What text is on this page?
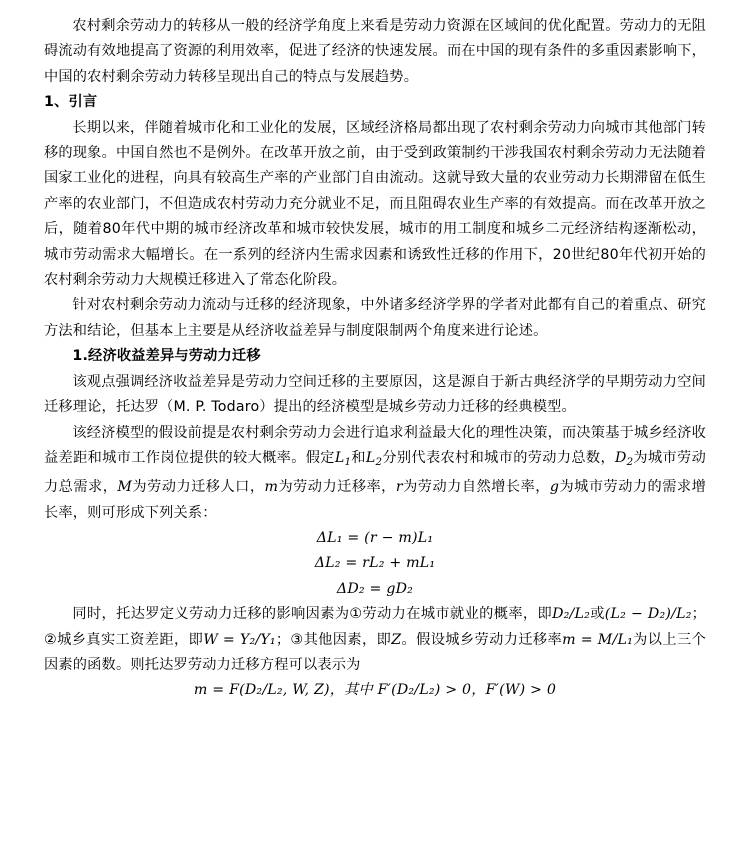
农村剩余劳动力的转移从一般的经济学角度上来看是劳动力资源在区域间的优化配置。劳动力的无阻碍流动有效地提高了资源的利用效率，促进了经济的快速发展。而在中国的现有条件的多重因素影响下，中国的农村剩余劳动力转移呈现出自己的特点与发展趋势。

1、引言

长期以来，伴随着城市化和工业化的发展，区域经济格局都出现了农村剩余劳动力向城市其他部门转移的现象。中国自然也不是例外。在改革开放之前，由于受到政策制约干涉我国农村剩余劳动力无法随着国家工业化的进程，向具有较高生产率的产业部门自由流动。这就导致大量的农业劳动力长期滞留在低生产率的农业部门，不但造成农村劳动力充分就业不足，而且阻碍农业生产率的有效提高。而在改革开放之后，随着80年代中期的城市经济改革和城市较快发展，城市的用工制度和城乡二元经济结构逐渐松动，城市劳动需求大幅增长。在一系列的经济内生需求因素和诱致性迁移的作用下，20世纪80年代初开始的农村剩余劳动力大规模迁移进入了常态化阶段。

针对农村剩余劳动力流动与迁移的经济现象，中外诸多经济学界的学者对此都有自己的着重点、研究方法和结论，但基本上主要是从经济收益差异与制度限制两个角度来进行论述。

1.经济收益差异与劳动力迁移

该观点强调经济收益差异是劳动力空间迁移的主要原因，这是源自于新古典经济学的早期劳动力空间迁移理论，托达罗（M. P. Todaro）提出的经济模型是城乡劳动力迁移的经典模型。

该经济模型的假设前提是农村剩余劳动力会进行追求利益最大化的理性决策，而决策基于城乡经济收益差距和城市工作岗位提供的较大概率。假定$L_1$和$L_2$分别代表农村和城市的劳动力总数，$D_2$为城市劳动力总需求，M为劳动力迁移人口，m为劳动力迁移率，r为劳动力自然增长率，g为城市劳动力的需求增长率，则可形成下列关系：

ΔL₁ = (r − m)L₁

ΔL₂ = rL₂ + mL₁

ΔD₂ = gD₂

同时，托达罗定义劳动力迁移的影响因素为①劳动力在城市就业的概率，即D₂/L₂或(L₂ − D₂)/L₂；②城乡真实工资差距，即W = Y₂/Y₁；③其他因素，即Z。假设城乡劳动力迁移率m = M/L₁为以上三个因素的函数。则托达罗劳动力迁移方程可以表示为

m = F(D₂/L₂, W, Z)，其中 F′(D₂/L₂) > 0，F′(W) > 0
